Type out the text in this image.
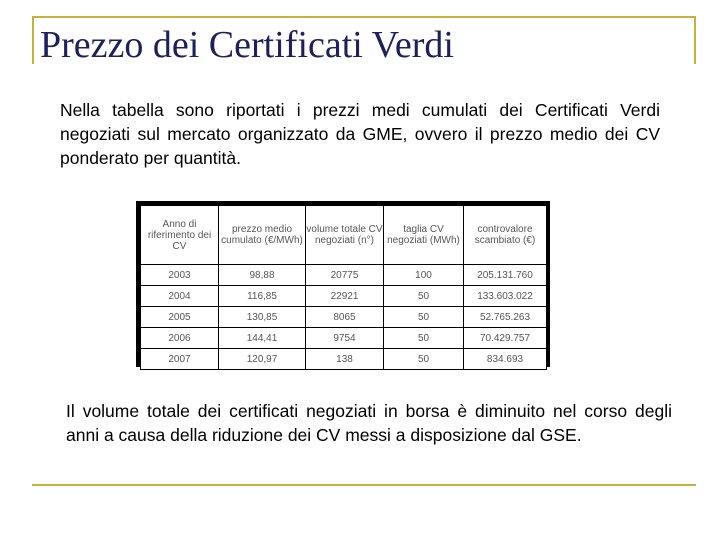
Prezzo dei Certificati Verdi
Nella tabella sono riportati i prezzi medi cumulati dei Certificati Verdi negoziati sul mercato organizzato da GME, ovvero il prezzo medio dei CV ponderato per quantità.
Anno di riferimento dei CV	prezzo medio cumulato (€/MWh)	volume totale CV negoziati (n°)	taglia CV negoziati (MWh)	controvalore scambiato (€)
2003	98,88	20775	100	205.131.760
2004	116,85	22921	50	133.603.022
2005	130,85	8065	50	52.765.263
2006	144,41	9754	50	70.429.757
2007	120,97	138	50	834.693
Il volume totale dei certificati negoziati in borsa è diminuito nel corso degli anni a causa della riduzione dei CV messi a disposizione dal GSE.
